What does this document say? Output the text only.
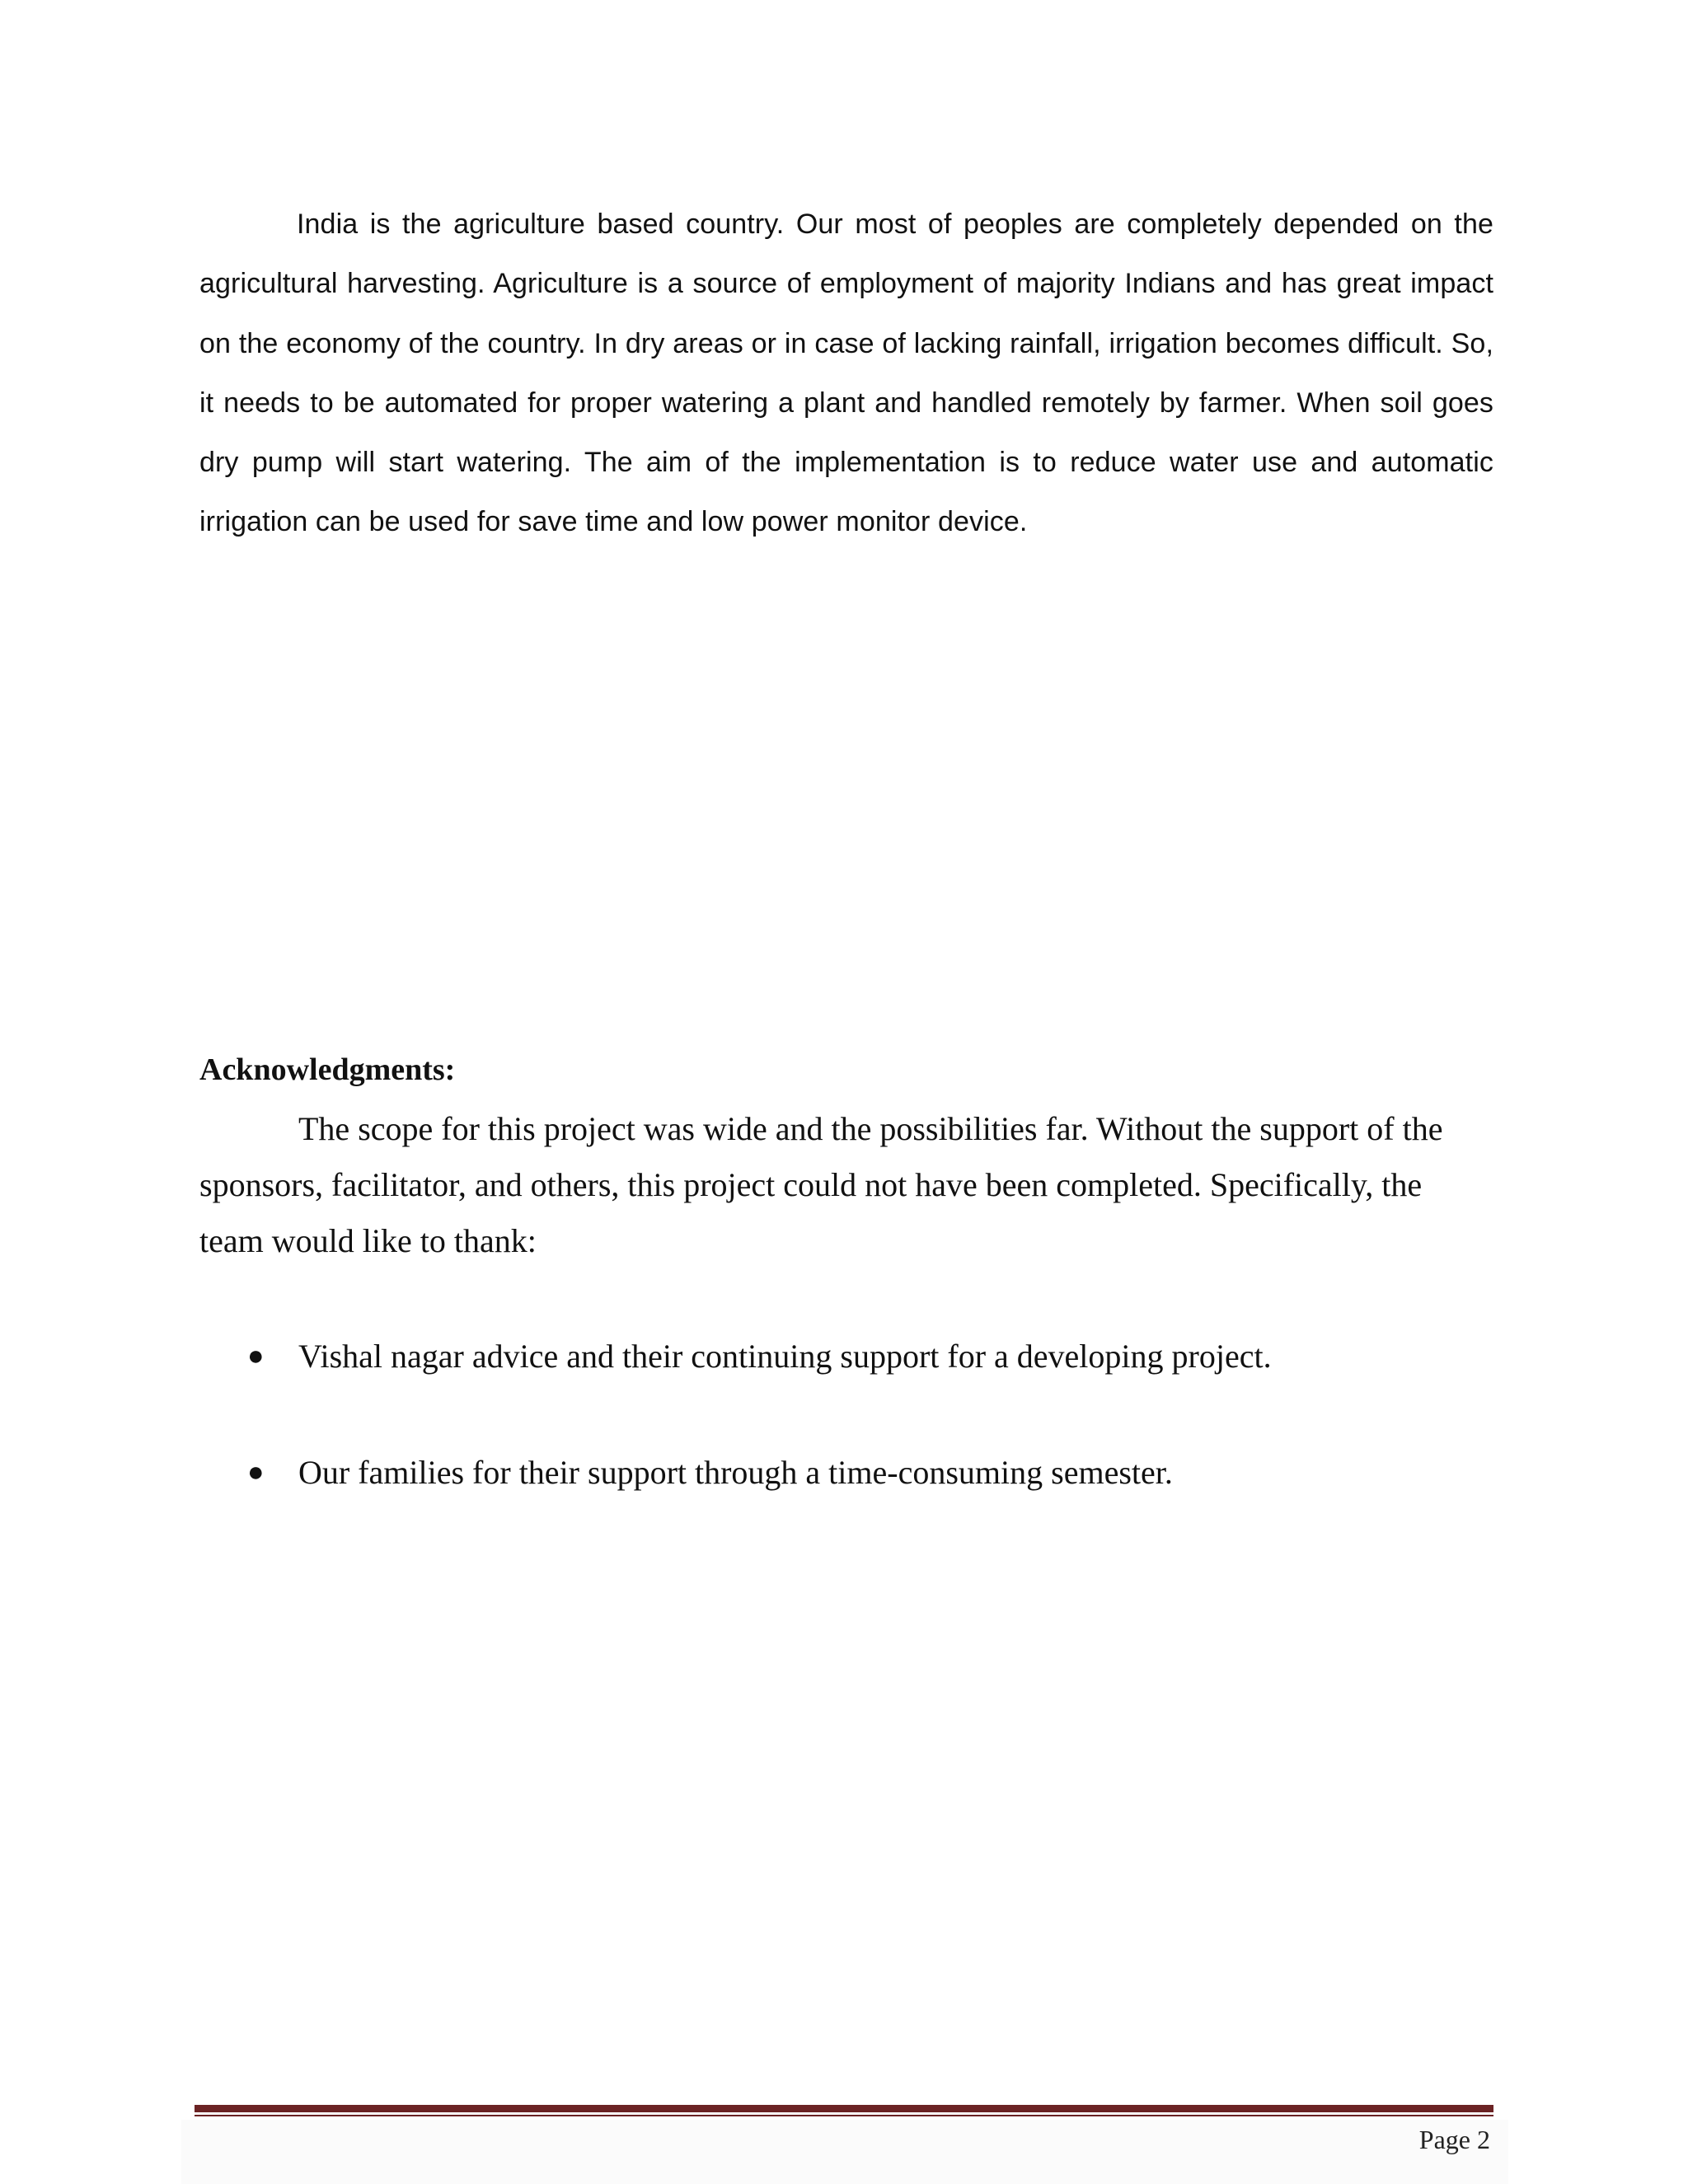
India is the agriculture based country. Our most of peoples are completely depended on the agricultural harvesting. Agriculture is a source of employment of majority Indians and has great impact on the economy of the country. In dry areas or in case of lacking rainfall, irrigation becomes difficult. So, it needs to be automated for proper watering a plant and handled remotely by farmer. When soil goes dry pump will start watering. The aim of the implementation is to reduce water use and automatic irrigation can be used for save time and low power monitor device.

Acknowledgments:

The scope for this project was wide and the possibilities far. Without the support of the sponsors, facilitator, and others, this project could not have been completed. Specifically, the team would like to thank:

● Vishal nagar advice and their continuing support for a developing project.
● Our families for their support through a time-consuming semester.

Page 2
